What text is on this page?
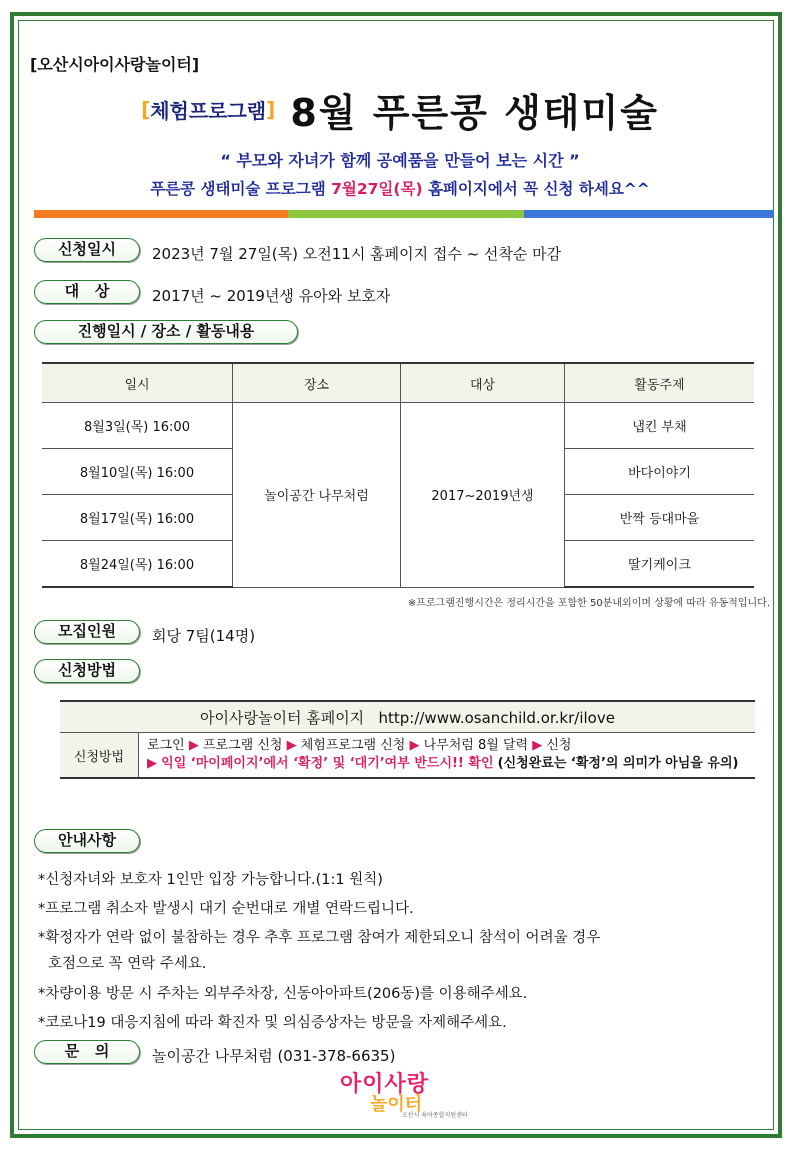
[오산시아이사랑놀이터]
[체험프로그램] 8월 푸른콩 생태미술
“ 부모와 자녀가 함께 공예품을 만들어 보는 시간 ”
푸른콩 생태미술 프로그램 7월27일(목) 홈페이지에서 꼭 신청 하세요^^
신청일시	2023년 7월 27일(목) 오전11시 홈페이지 접수 ~ 선착순 마감
대   상	2017년 ~ 2019년생 유아와 보호자
진행일시 / 장소 / 활동내용
일시	장소	대상	활동주제
8월3일(목) 16:00	놀이공간 나무처럼	2017~2019년생	냅킨 부채
8월10일(목) 16:00			바다이야기
8월17일(목) 16:00			반짝 등대마을
8월24일(목) 16:00			딸기케이크
※프로그램진행시간은 정리시간을 포함한 50분내외이며 상황에 따라 유동적입니다.
모집인원	회당 7팀(14명)
신청방법
아이사랑놀이터 홈페이지   http://www.osanchild.or.kr/ilove
신청방법	로그인 ▶ 프로그램 신청 ▶ 체험프로그램 신청 ▶ 나무처럼 8월 달력 ▶ 신청
▶ 익일 ‘마이페이지’에서 ‘확정’ 및 ‘대기’여부 반드시!! 확인 (신청완료는 ‘확정’의 의미가 아님을 유의)
안내사항
*신청자녀와 보호자 1인만 입장 가능합니다.(1:1 원칙)
*프로그램 취소자 발생시 대기 순번대로 개별 연락드립니다.
*확정자가 연락 없이 불참하는 경우 추후 프로그램 참여가 제한되오니 참석이 어려울 경우
호점으로 꼭 연락 주세요.
*차량이용 방문 시 주차는 외부주차장, 신동아아파트(206동)를 이용해주세요.
*코로나19 대응지침에 따라 확진자 및 의심증상자는 방문을 자제해주세요.
문   의	놀이공간 나무처럼 (031-378-6635)
아이사랑
놀이터
오산시 육아종합지원센터
